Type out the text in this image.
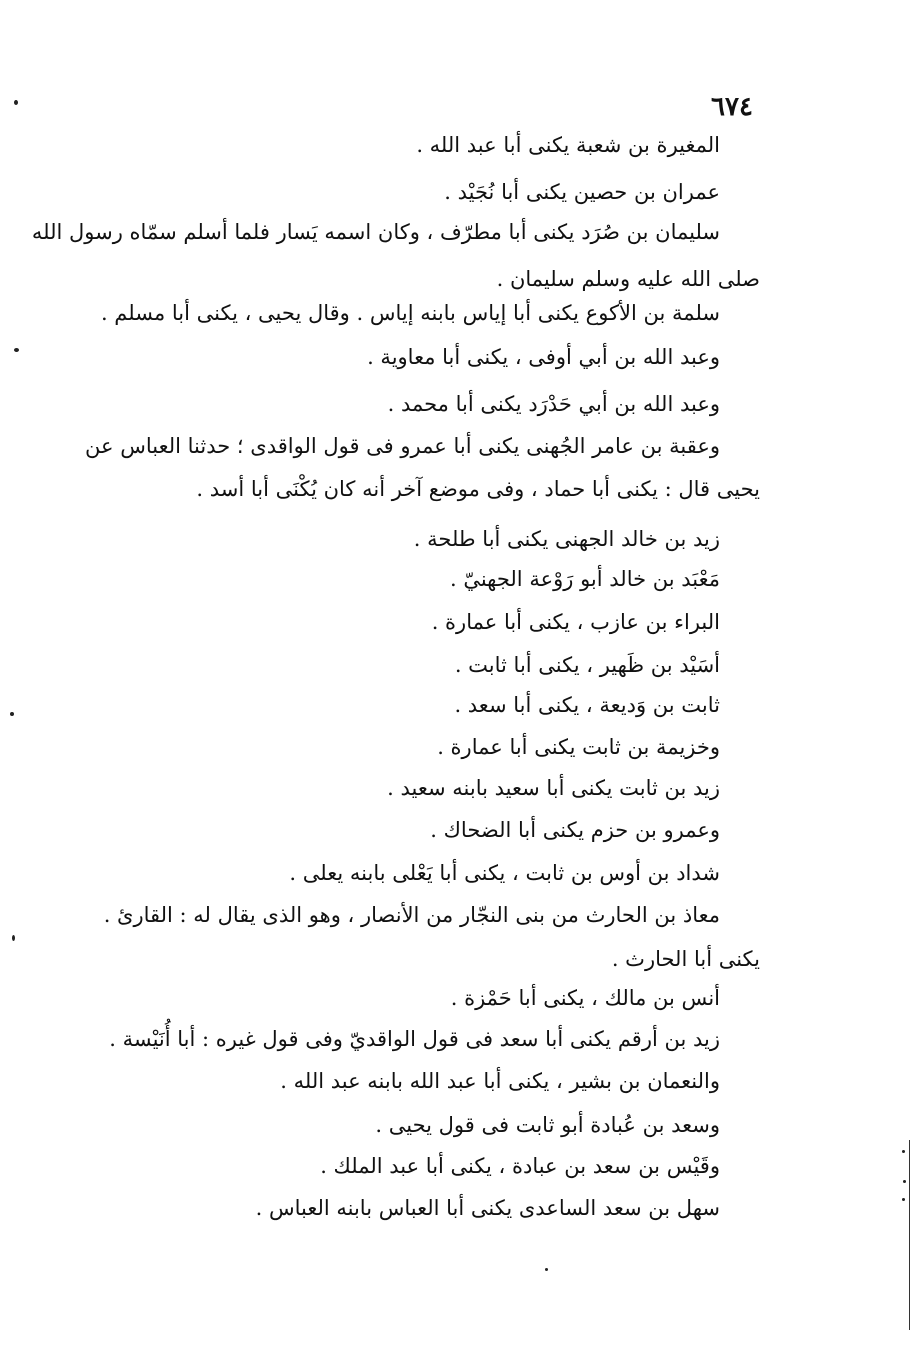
٦٧٤
المغيرة بن شعبة يكنى أبا عبد الله .
عمران بن حصين يكنى أبا نُجَيْد .
سليمان بن صُرَد يكنى أبا مطرّف ، وكان اسمه يَسار فلما أسلم سمّاه رسول الله
صلى الله عليه وسلم سليمان .
سلمة بن الأكوع يكنى أبا إياس بابنه إياس . وقال يحيى ، يكنى أبا مسلم .
وعبد الله بن أبي أوفى ، يكنى أبا معاوية .
وعبد الله بن أبي حَدْرَد يكنى أبا محمد .
وعقبة بن عامر الجُهنى يكنى أبا عمرو فى قول الواقدى ؛ حدثنا العباس عن
يحيى قال : يكنى أبا حماد ، وفى موضع آخر أنه كان يُكْنَى أبا أسد .
زيد بن خالد الجهنى يكنى أبا طلحة .
مَعْبَد بن خالد أبو رَوْعة الجهنيّ .
البراء بن عازب ، يكنى أبا عمارة .
أسَيْد بن ظَهير ، يكنى أبا ثابت .
ثابت بن وَديعة ، يكنى أبا سعد .
وخزيمة بن ثابت يكنى أبا عمارة .
زيد بن ثابت يكنى أبا سعيد بابنه سعيد .
وعمرو بن حزم يكنى أبا الضحاك .
شداد بن أوس بن ثابت ، يكنى أبا يَعْلى بابنه يعلى .
معاذ بن الحارث من بنى النجّار من الأنصار ، وهو الذى يقال له : القارئ .
يكنى أبا الحارث .
أنس بن مالك ، يكنى أبا حَمْزة .
زيد بن أرقم يكنى أبا سعد فى قول الواقديّ وفى قول غيره : أبا أُنَيْسة .
والنعمان بن بشير ، يكنى أبا عبد الله بابنه عبد الله .
وسعد بن عُبادة أبو ثابت فى قول يحيى .
وقَيْس بن سعد بن عبادة ، يكنى أبا عبد الملك .
سهل بن سعد الساعدى يكنى أبا العباس بابنه العباس .
